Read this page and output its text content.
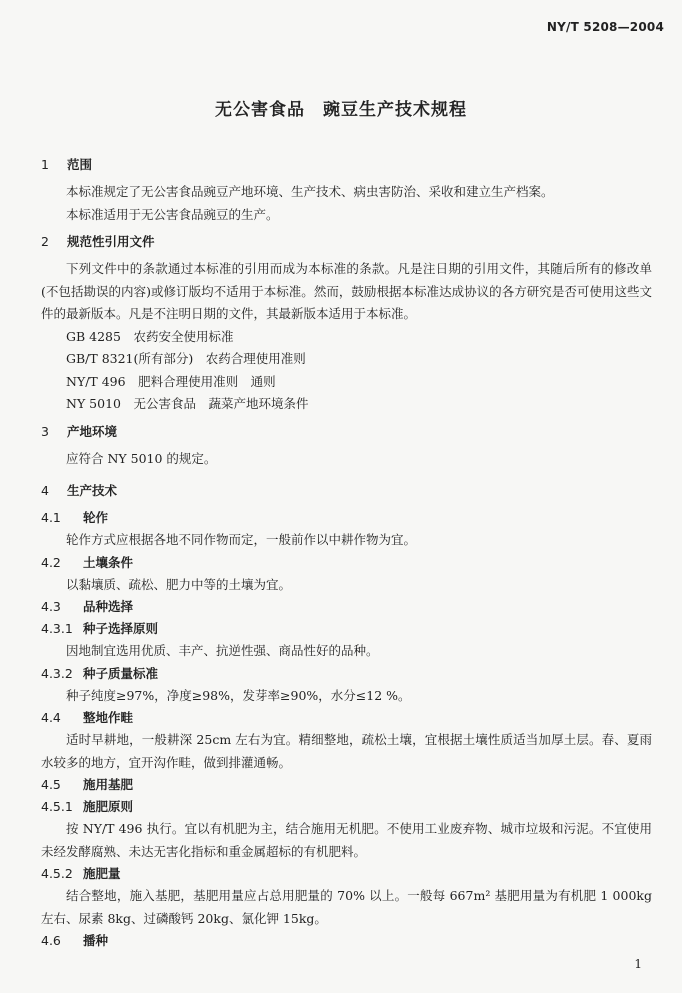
NY/T 5208—2004
无公害食品　豌豆生产技术规程
1 范围
本标准规定了无公害食品豌豆产地环境、生产技术、病虫害防治、采收和建立生产档案。
本标准适用于无公害食品豌豆的生产。
2 规范性引用文件
下列文件中的条款通过本标准的引用而成为本标准的条款。凡是注日期的引用文件，其随后所有的修改单(不包括勘误的内容)或修订版均不适用于本标准。然而，鼓励根据本标准达成协议的各方研究是否可使用这些文件的最新版本。凡是不注明日期的文件，其最新版本适用于本标准。
GB 4285　农药安全使用标准
GB/T 8321(所有部分)　农药合理使用准则
NY/T 496　肥料合理使用准则　通则
NY 5010　无公害食品　蔬菜产地环境条件
3 产地环境
应符合 NY 5010 的规定。
4 生产技术
4.1 轮作
轮作方式应根据各地不同作物而定，一般前作以中耕作物为宜。
4.2 土壤条件
以黏壤质、疏松、肥力中等的土壤为宜。
4.3 品种选择
4.3.1 种子选择原则
因地制宜选用优质、丰产、抗逆性强、商品性好的品种。
4.3.2 种子质量标准
种子纯度≥97%，净度≥98%，发芽率≥90%，水分≤12 %。
4.4 整地作畦
适时早耕地，一般耕深 25cm 左右为宜。精细整地，疏松土壤，宜根据土壤性质适当加厚土层。春、夏雨水较多的地方，宜开沟作畦，做到排灌通畅。
4.5 施用基肥
4.5.1 施肥原则
按 NY/T 496 执行。宜以有机肥为主，结合施用无机肥。不使用工业废弃物、城市垃圾和污泥。不宜使用未经发酵腐熟、未达无害化指标和重金属超标的有机肥料。
4.5.2 施肥量
结合整地，施入基肥，基肥用量应占总用肥量的 70% 以上。一般每 667m² 基肥用量为有机肥 1 000kg左右、尿素 8kg、过磷酸钙 20kg、氯化钾 15kg。
4.6 播种
1
